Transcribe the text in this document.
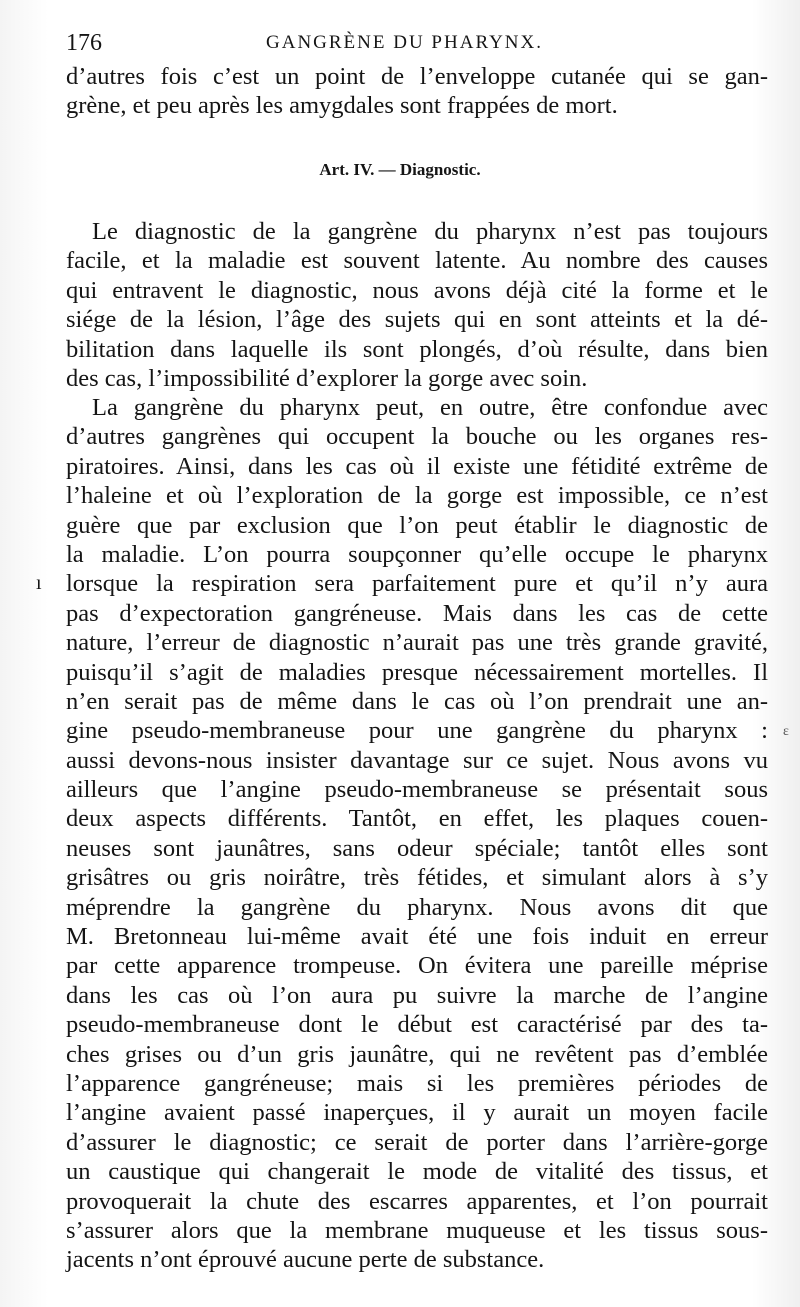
176	GANGRÈNE DU PHARYNX.
d’autres fois c’est un point de l’enveloppe cutanée qui se gan-
grène, et peu après les amygdales sont frappées de mort.
Art. IV. — Diagnostic.
Le diagnostic de la gangrène du pharynx n’est pas toujours
facile, et la maladie est souvent latente. Au nombre des causes
qui entravent le diagnostic, nous avons déjà cité la forme et le
siége de la lésion, l’âge des sujets qui en sont atteints et la dé-
bilitation dans laquelle ils sont plongés, d’où résulte, dans bien
des cas, l’impossibilité d’explorer la gorge avec soin.
La gangrène du pharynx peut, en outre, être confondue avec
d’autres gangrènes qui occupent la bouche ou les organes res-
piratoires. Ainsi, dans les cas où il existe une fétidité extrême de
l’haleine et où l’exploration de la gorge est impossible, ce n’est
guère que par exclusion que l’on peut établir le diagnostic de
la maladie. L’on pourra soupçonner qu’elle occupe le pharynx
lorsque la respiration sera parfaitement pure et qu’il n’y aura
pas d’expectoration gangréneuse. Mais dans les cas de cette
nature, l’erreur de diagnostic n’aurait pas une très grande gravité,
puisqu’il s’agit de maladies presque nécessairement mortelles. Il
n’en serait pas de même dans le cas où l’on prendrait une an-
gine pseudo-membraneuse pour une gangrène du pharynx :
aussi devons-nous insister davantage sur ce sujet. Nous avons vu
ailleurs que l’angine pseudo-membraneuse se présentait sous
deux aspects différents. Tantôt, en effet, les plaques couen-
neuses sont jaunâtres, sans odeur spéciale; tantôt elles sont
grisâtres ou gris noirâtre, très fétides, et simulant alors à s’y
méprendre la gangrène du pharynx. Nous avons dit que
M. Bretonneau lui-même avait été une fois induit en erreur
par cette apparence trompeuse. On évitera une pareille méprise
dans les cas où l’on aura pu suivre la marche de l’angine
pseudo-membraneuse dont le début est caractérisé par des ta-
ches grises ou d’un gris jaunâtre, qui ne revêtent pas d’emblée
l’apparence gangréneuse; mais si les premières périodes de
l’angine avaient passé inaperçues, il y aurait un moyen facile
d’assurer le diagnostic; ce serait de porter dans l’arrière-gorge
un caustique qui changerait le mode de vitalité des tissus, et
provoquerait la chute des escarres apparentes, et l’on pourrait
s’assurer alors que la membrane muqueuse et les tissus sous-
jacents n’ont éprouvé aucune perte de substance.
ı
ɛ
